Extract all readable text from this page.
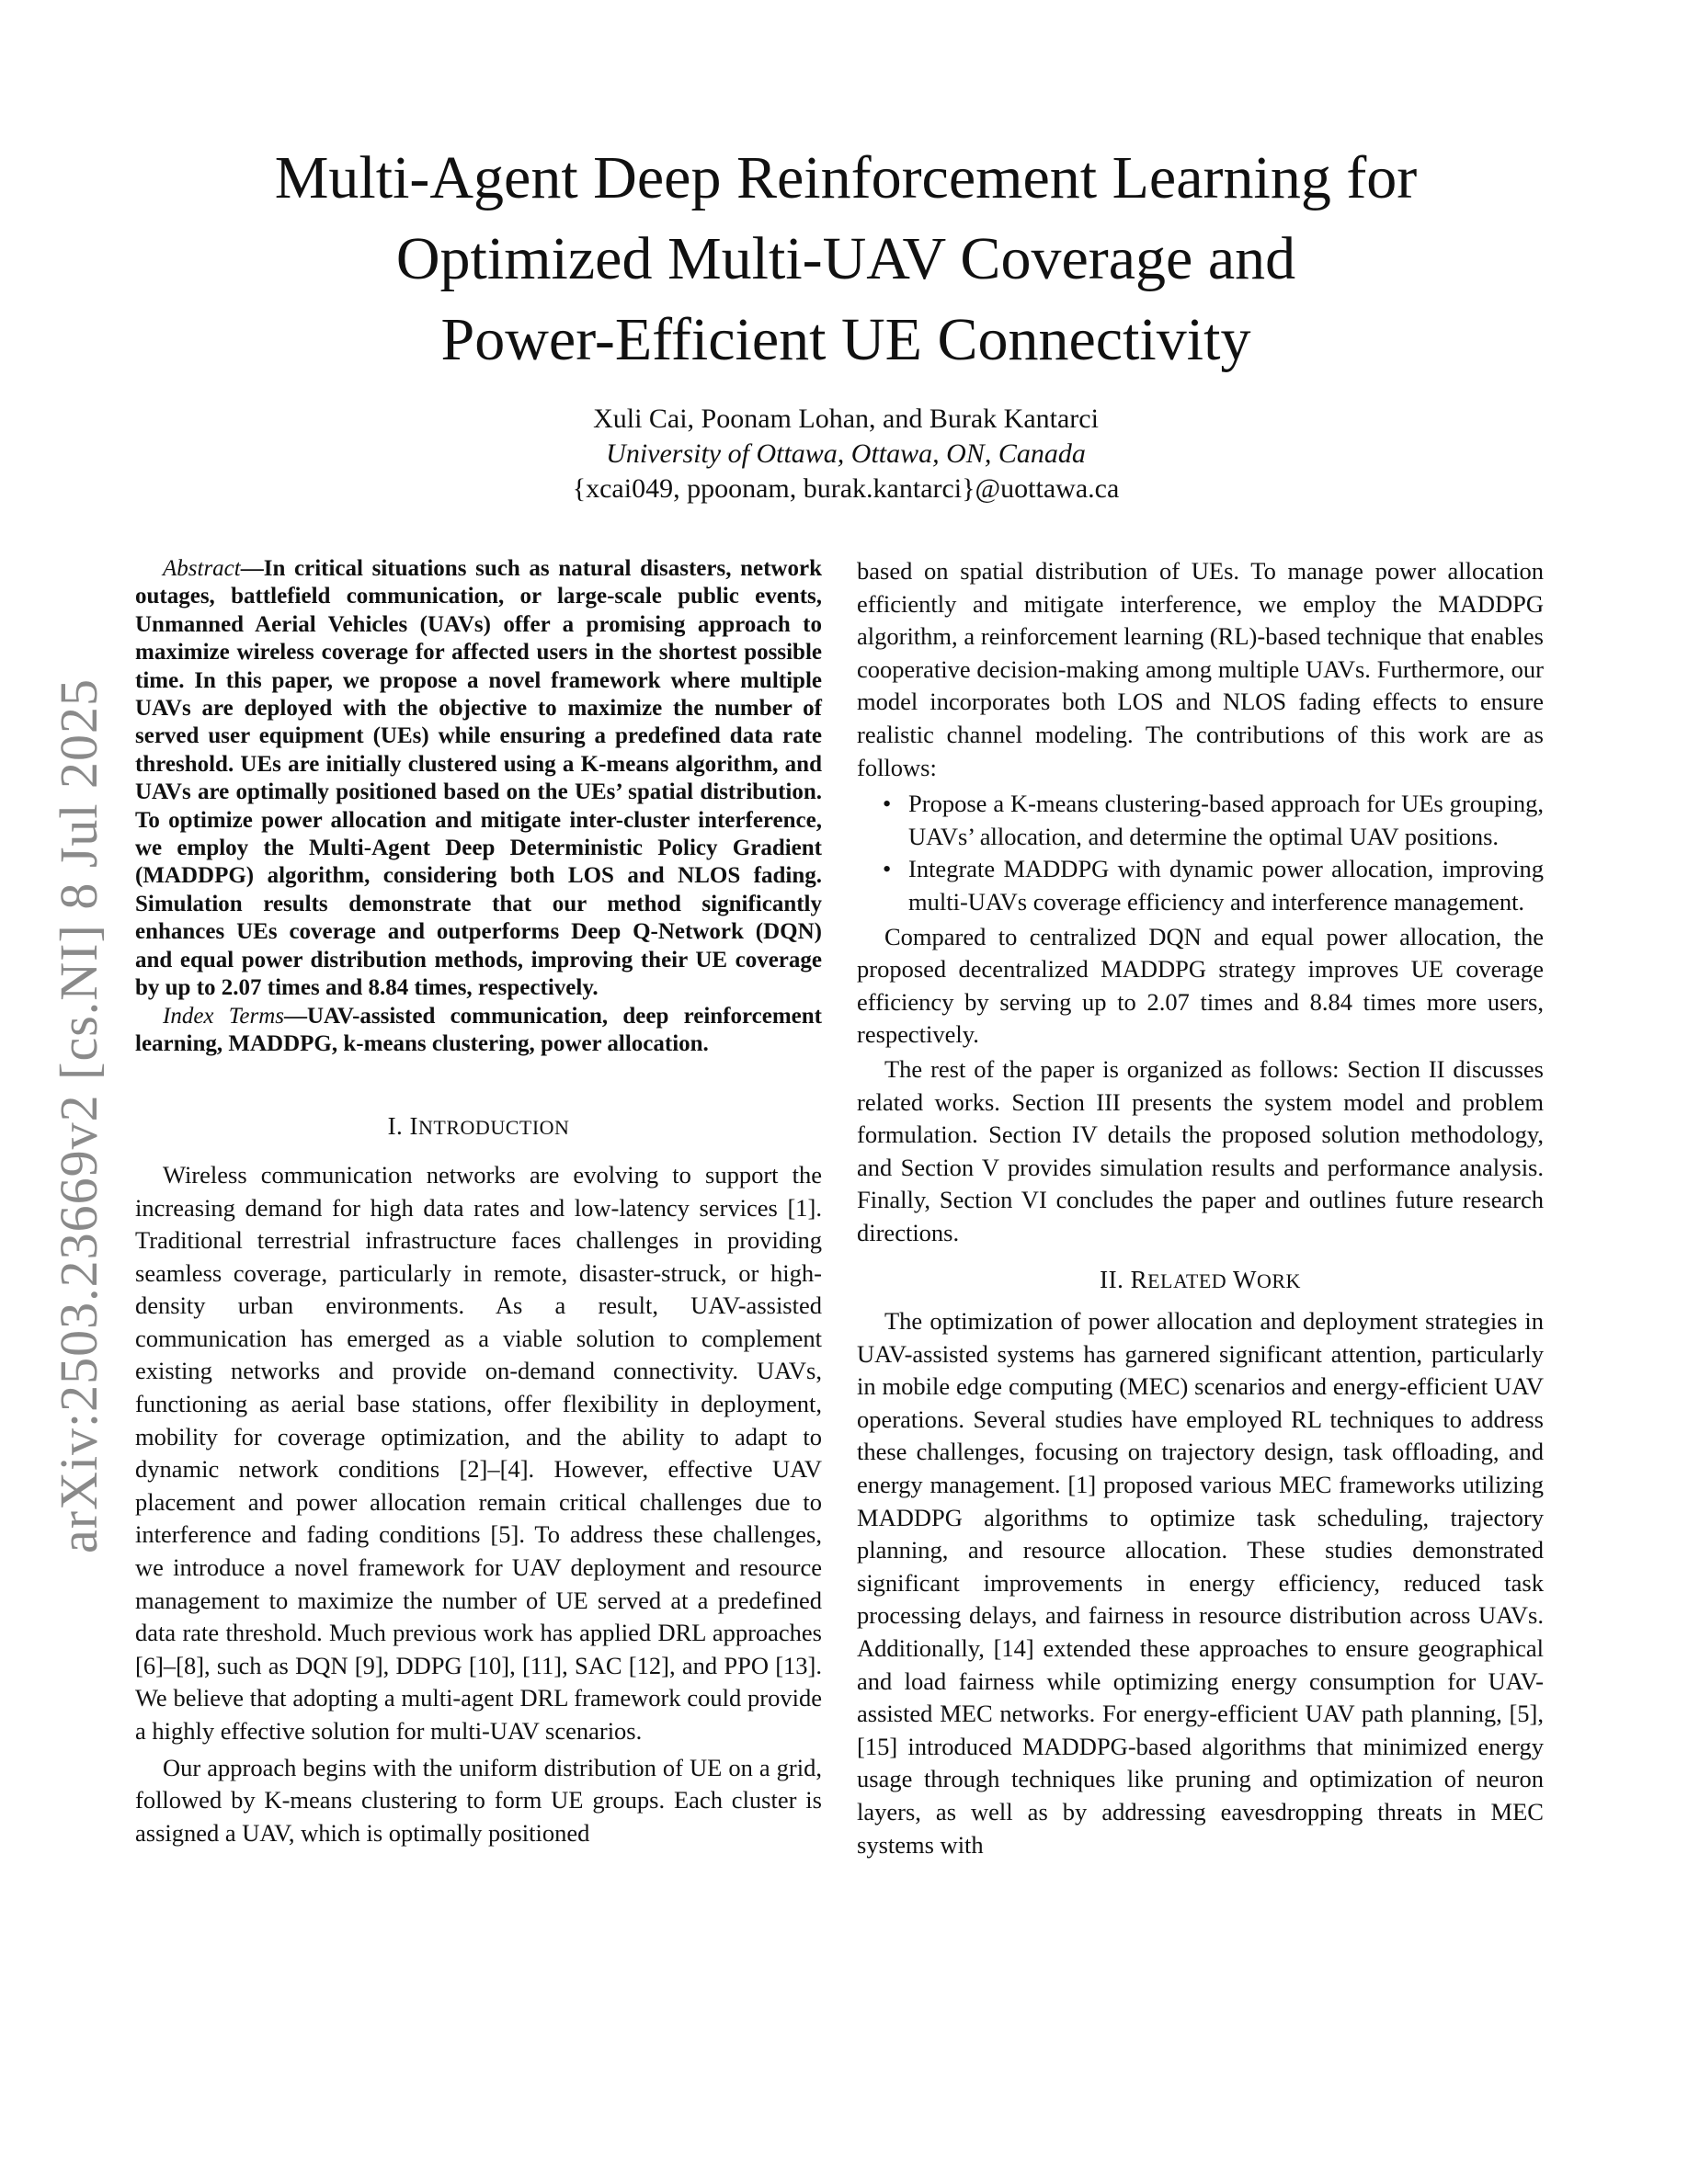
arXiv:2503.23669v2 [cs.NI] 8 Jul 2025
Multi-Agent Deep Reinforcement Learning for
Optimized Multi-UAV Coverage and
Power-Efficient UE Connectivity
Xuli Cai, Poonam Lohan, and Burak Kantarci
University of Ottawa, Ottawa, ON, Canada
{xcai049, ppoonam, burak.kantarci}@uottawa.ca

Abstract—In critical situations such as natural disasters, network outages, battlefield communication, or large-scale public events, Unmanned Aerial Vehicles (UAVs) offer a promising approach to maximize wireless coverage for affected users in the shortest possible time. In this paper, we propose a novel framework where multiple UAVs are deployed with the objective to maximize the number of served user equipment (UEs) while ensuring a predefined data rate threshold. UEs are initially clustered using a K-means algorithm, and UAVs are optimally positioned based on the UEs’ spatial distribution. To optimize power allocation and mitigate inter-cluster interference, we employ the Multi-Agent Deep Deterministic Policy Gradient (MADDPG) algorithm, considering both LOS and NLOS fading. Simulation results demonstrate that our method significantly enhances UEs coverage and outperforms Deep Q-Network (DQN) and equal power distribution methods, improving their UE coverage by up to 2.07 times and 8.84 times, respectively.

Index Terms—UAV-assisted communication, deep reinforcement learning, MADDPG, k-means clustering, power allocation.

I. INTRODUCTION

Wireless communication networks are evolving to support the increasing demand for high data rates and low-latency services [1]. Traditional terrestrial infrastructure faces challenges in providing seamless coverage, particularly in remote, disaster-struck, or high-density urban environments. As a result, UAV-assisted communication has emerged as a viable solution to complement existing networks and provide on-demand connectivity. UAVs, functioning as aerial base stations, offer flexibility in deployment, mobility for coverage optimization, and the ability to adapt to dynamic network conditions [2]–[4]. However, effective UAV placement and power allocation remain critical challenges due to interference and fading conditions [5]. To address these challenges, we introduce a novel framework for UAV deployment and resource management to maximize the number of UE served at a predefined data rate threshold. Much previous work has applied DRL approaches [6]–[8], such as DQN [9], DDPG [10], [11], SAC [12], and PPO [13]. We believe that adopting a multi-agent DRL framework could provide a highly effective solution for multi-UAV scenarios.

Our approach begins with the uniform distribution of UE on a grid, followed by K-means clustering to form UE groups. Each cluster is assigned a UAV, which is optimally positioned

based on spatial distribution of UEs. To manage power allocation efficiently and mitigate interference, we employ the MADDPG algorithm, a reinforcement learning (RL)-based technique that enables cooperative decision-making among multiple UAVs. Furthermore, our model incorporates both LOS and NLOS fading effects to ensure realistic channel modeling. The contributions of this work are as follows:

• Propose a K-means clustering-based approach for UEs grouping, UAVs’ allocation, and determine the optimal UAV positions.
• Integrate MADDPG with dynamic power allocation, improving multi-UAVs coverage efficiency and interference management.

Compared to centralized DQN and equal power allocation, the proposed decentralized MADDPG strategy improves UE coverage efficiency by serving up to 2.07 times and 8.84 times more users, respectively.

The rest of the paper is organized as follows: Section II discusses related works. Section III presents the system model and problem formulation. Section IV details the proposed solution methodology, and Section V provides simulation results and performance analysis. Finally, Section VI concludes the paper and outlines future research directions.

II. RELATED WORK

The optimization of power allocation and deployment strategies in UAV-assisted systems has garnered significant attention, particularly in mobile edge computing (MEC) scenarios and energy-efficient UAV operations. Several studies have employed RL techniques to address these challenges, focusing on trajectory design, task offloading, and energy management. [1] proposed various MEC frameworks utilizing MADDPG algorithms to optimize task scheduling, trajectory planning, and resource allocation. These studies demonstrated significant improvements in energy efficiency, reduced task processing delays, and fairness in resource distribution across UAVs. Additionally, [14] extended these approaches to ensure geographical and load fairness while optimizing energy consumption for UAV-assisted MEC networks. For energy-efficient UAV path planning, [5], [15] introduced MADDPG-based algorithms that minimized energy usage through techniques like pruning and optimization of neuron layers, as well as by addressing eavesdropping threats in MEC systems with
